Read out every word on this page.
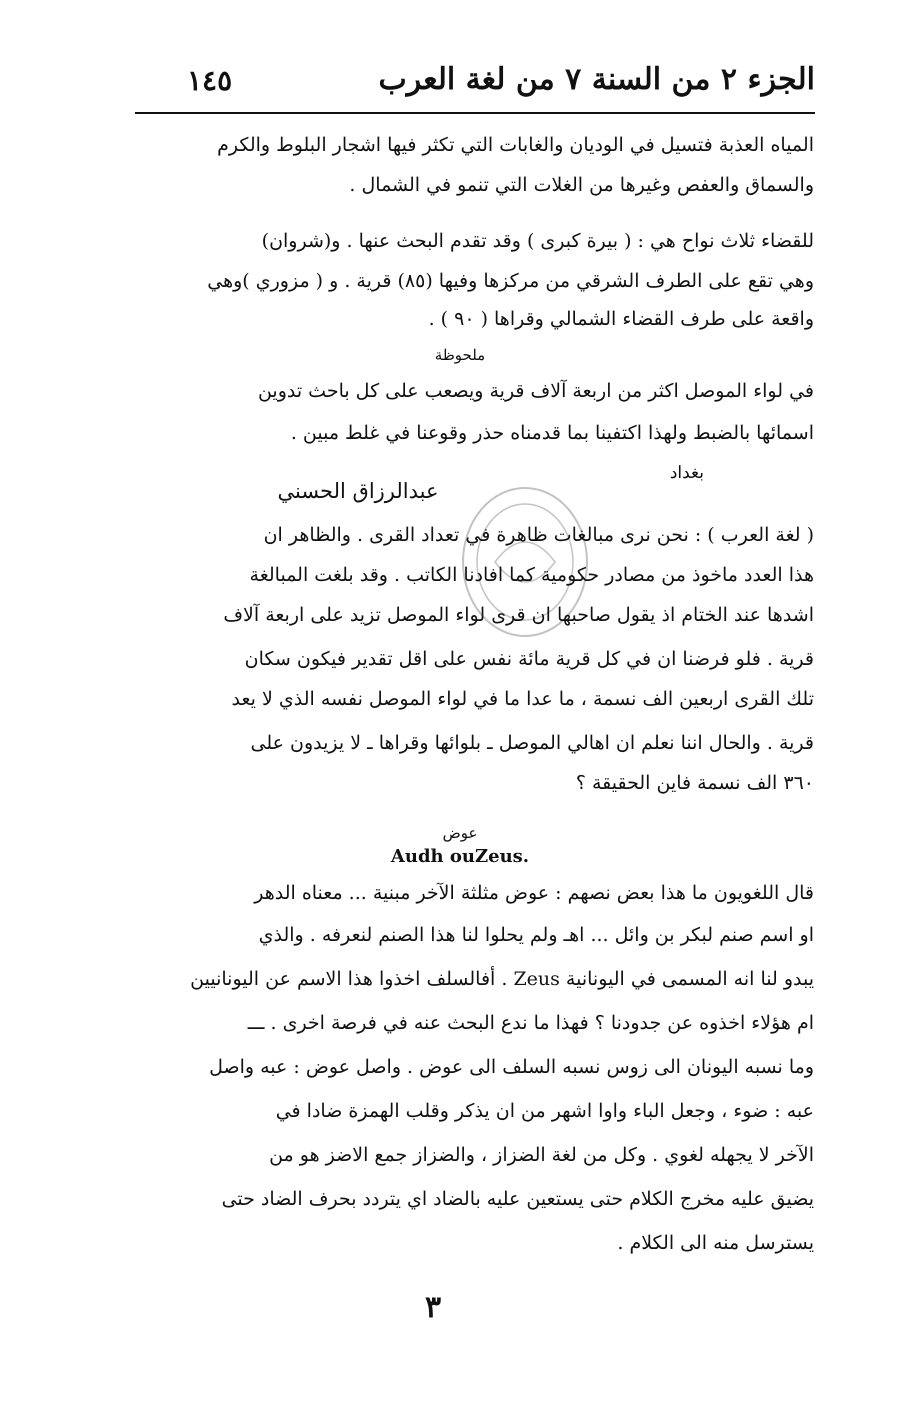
الجزء ٢ من السنة ٧ من لغة العرب
١٤٥
المياه العذبة فتسيل في الوديان والغابات التي تكثر فيها اشجار البلوط والكرم
والسماق والعفص وغيرها من الغلات التي تنمو في الشمال .
للقضاء ثلاث نواح هي : ( بيرة كبرى ) وقد تقدم البحث عنها . و(شروان)
وهي تقع على الطرف الشرقي من مركزها وفيها (٨٥) قرية . و ( مزوري )وهي
واقعة على طرف القضاء الشمالي وقراها ( ٩٠ ) .
ملحوظة
في لواء الموصل اكثر من اربعة آلاف قرية ويصعب على كل باحث تدوين
اسمائها بالضبط ولهذا اكتفينا بما قدمناه حذر وقوعنا في غلط مبين .
بغداد
عبدالرزاق الحسني
( لغة العرب ) : نحن نرى مبالغات ظاهرة في تعداد القرى . والظاهر ان
هذا العدد ماخوذ من مصادر حكومية كما افادنا الكاتب . وقد بلغت المبالغة
اشدها عند الختام اذ يقول صاحبها ان قرى لواء الموصل تزيد على اربعة آلاف
قرية . فلو فرضنا ان في كل قرية مائة نفس على اقل تقدير فيكون سكان
تلك القرى اربعين الف نسمة ، ما عدا ما في لواء الموصل نفسه الذي لا يعد
قرية . والحال اننا نعلم ان اهالي الموصل ـ بلوائها وقراها ـ لا يزيدون على
٣٦٠ الف نسمة فاين الحقيقة ؟
عوض
Audh ouZeus.
قال اللغويون ما هذا بعض نصهم : عوض مثلثة الآخر مبنية ... معناه الدهر
او اسم صنم لبكر بن وائل ... اهـ ولم يحلوا لنا هذا الصنم لنعرفه . والذي
يبدو لنا انه المسمى في اليونانية Zeus . أفالسلف اخذوا هذا الاسم عن اليونانيين
ام هؤلاء اخذوه عن جدودنا ؟ فهذا ما ندع البحث عنه في فرصة اخرى . ـــ
وما نسبه اليونان الى زوس نسبه السلف الى عوض . واصل عوض : عبه واصل
عبه : ضوء ، وجعل الباء واوا اشهر من ان يذكر وقلب الهمزة ضادا في
الآخر لا يجهله لغوي . وكل من لغة الضزاز ، والضزاز جمع الاضز هو من
يضيق عليه مخرج الكلام حتى يستعين عليه بالضاد اي يتردد بحرف الضاد حتى
يسترسل منه الى الكلام .
٣
